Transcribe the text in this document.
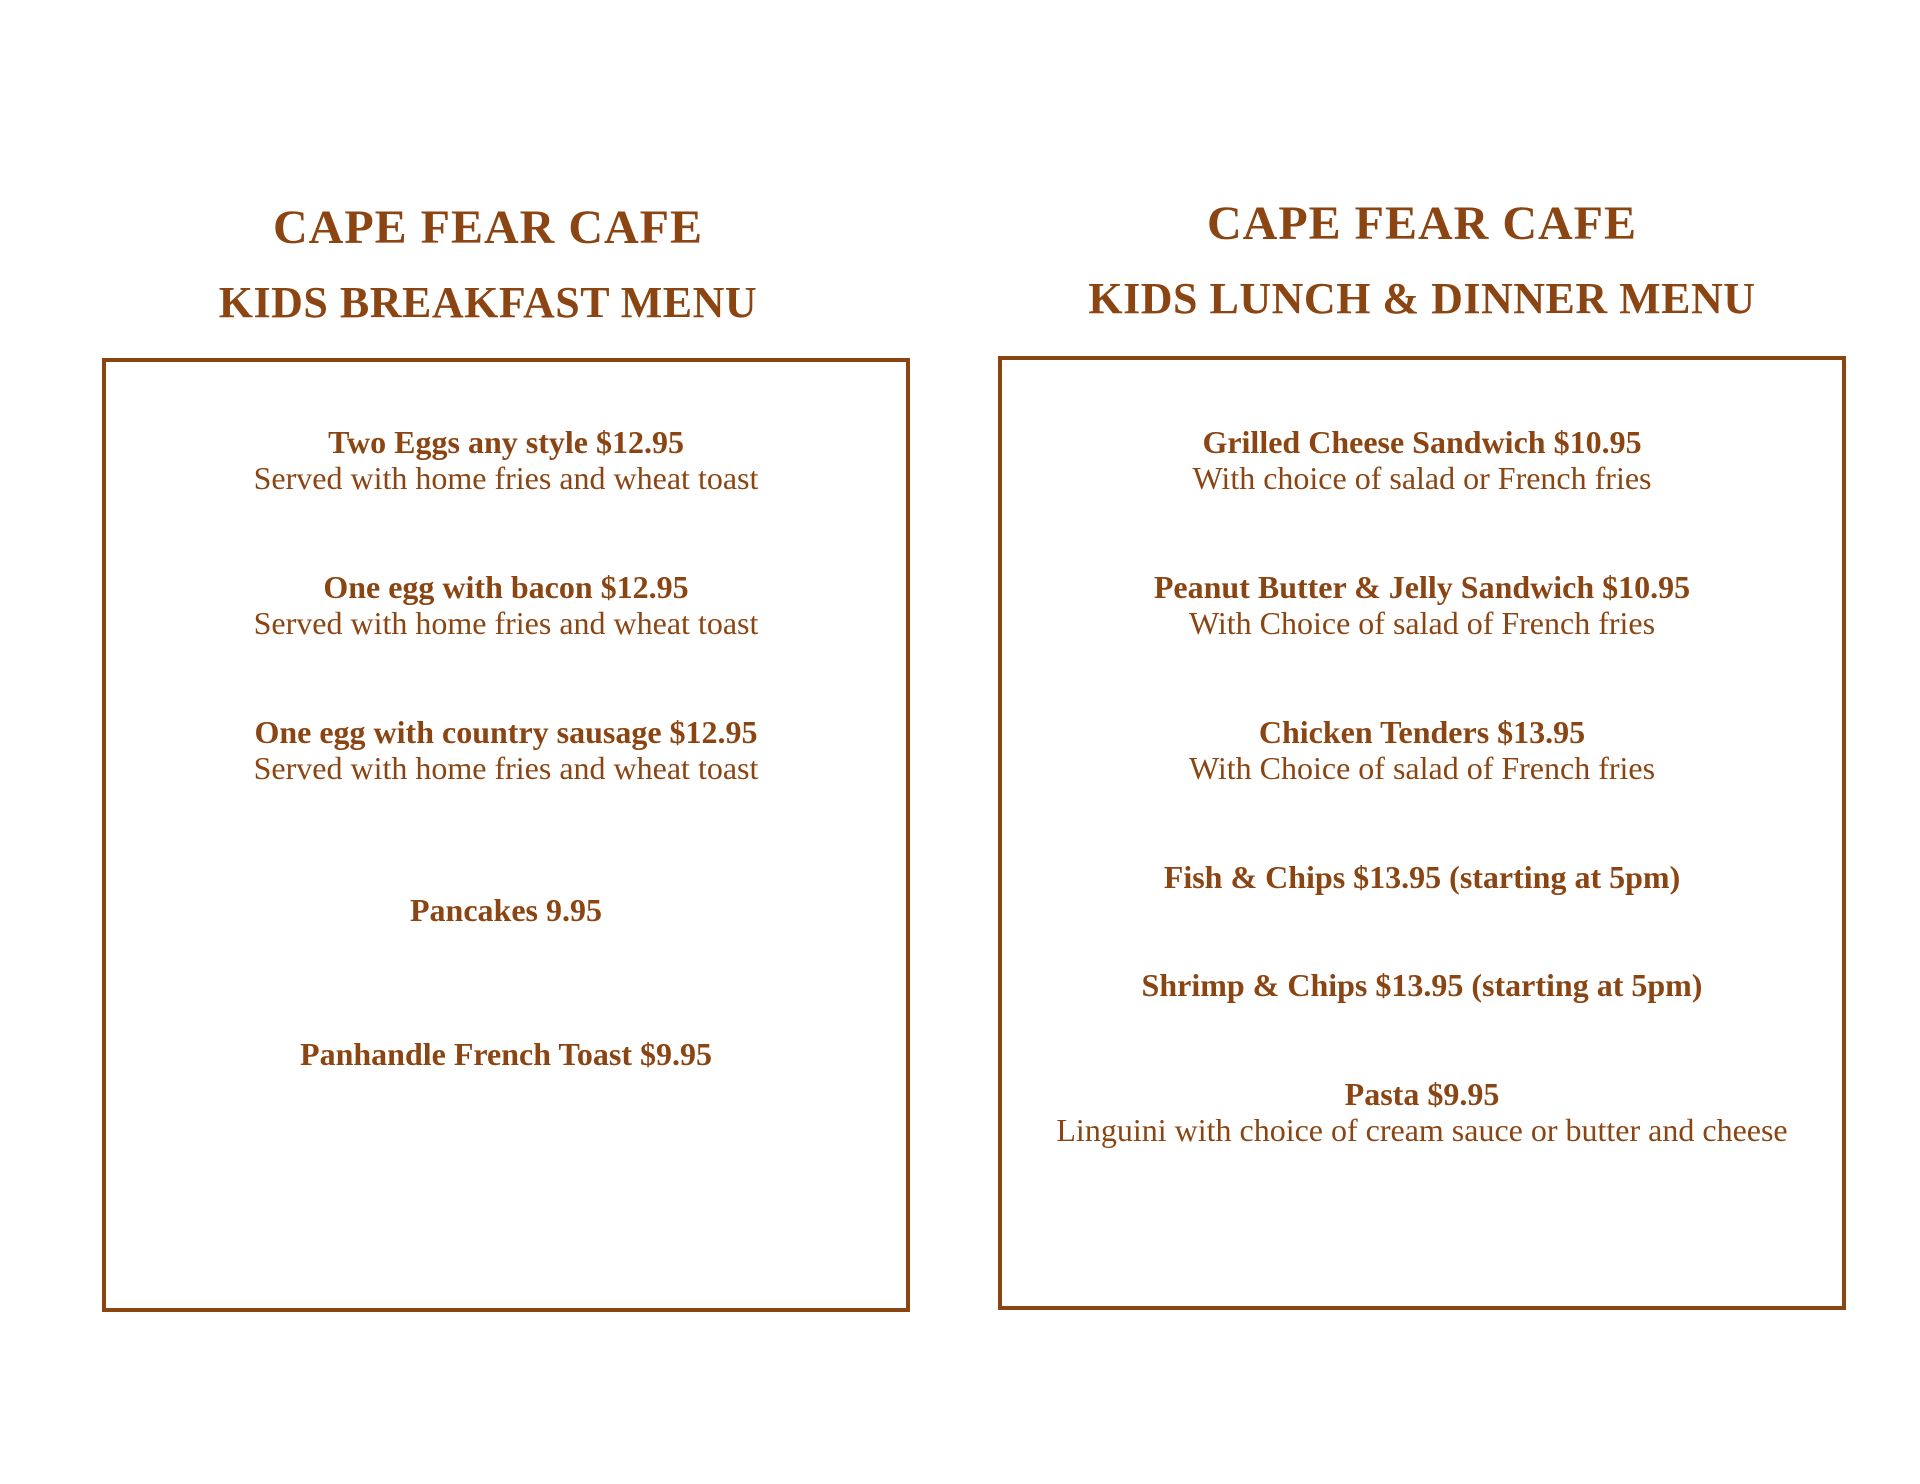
CAPE FEAR CAFE
KIDS BREAKFAST MENU
Two Eggs any style $12.95
Served with home fries and wheat toast
One egg with bacon $12.95
Served with home fries and wheat toast
One egg with country sausage $12.95
Served with home fries and wheat toast
Pancakes 9.95
Panhandle French Toast $9.95
CAPE FEAR CAFE
KIDS LUNCH & DINNER MENU
Grilled Cheese Sandwich $10.95
With choice of salad or French fries
Peanut Butter & Jelly Sandwich $10.95
With Choice of salad of French fries
Chicken Tenders $13.95
With Choice of salad of French fries
Fish & Chips $13.95 (starting at 5pm)
Shrimp & Chips $13.95 (starting at 5pm)
Pasta $9.95
Linguini with choice of cream sauce or butter and cheese
